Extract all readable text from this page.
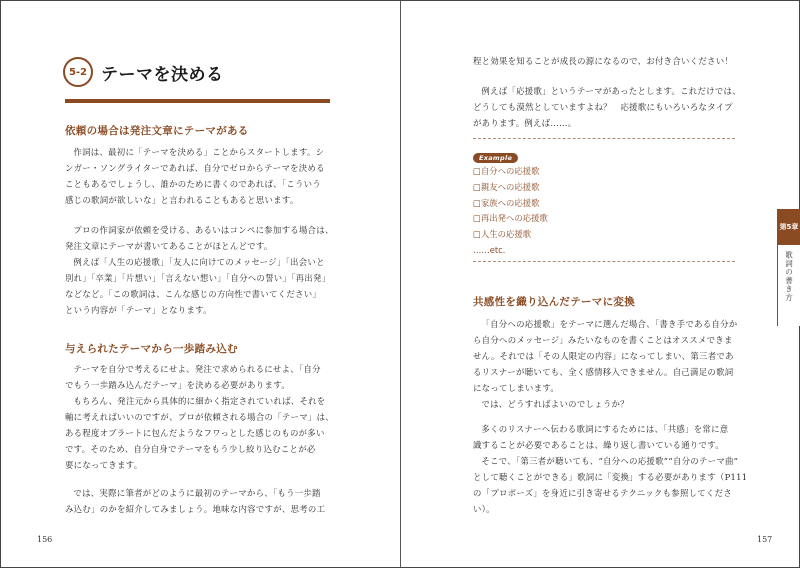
5-2 テーマを決める

依頼の場合は発注文章にテーマがある

作詞は、最初に「テーマを決める」ことからスタートします。シ

ンガー・ソングライターであれば、自分でゼロからテーマを決める

こともあるでしょうし、誰かのために書くのであれば、「こういう

感じの歌詞が欲しいな」と言われることもあると思います。

プロの作詞家が依頼を受ける、あるいはコンペに参加する場合は、

発注文章にテーマが書いてあることがほとんどです。

例えば「人生の応援歌」「友人に向けてのメッセージ」「出会いと

別れ」「卒業」「片想い」「言えない想い」「自分への誓い」「再出発」

などなど。「この歌詞は、こんな感じの方向性で書いてください」

という内容が「テーマ」となります。

与えられたテーマから一歩踏み込む

テーマを自分で考えるにせよ、発注で求められるにせよ、「自分

でもう一歩踏み込んだテーマ」を決める必要があります。

もちろん、発注元から具体的に細かく指定されていれば、それを

軸に考えればいいのですが、プロが依頼される場合の「テーマ」は、

ある程度オブラートに包んだようなフワっとした感じのものが多い

です。そのため、自分自身でテーマをもう少し絞り込むことが必

要になってきます。

では、実際に筆者がどのように最初のテーマから、「もう一歩踏

み込む」のかを紹介してみましょう。地味な内容ですが、思考の工

156

程と効果を知ることが成長の源になるので、お付き合いください！

例えば「応援歌」というテーマがあったとします。これだけでは、

どうしても漠然としていますよね？　応援歌にもいろいろなタイプ

があります。例えば……。

Example

□自分への応援歌

□親友への応援歌

□家族への応援歌

□再出発への応援歌

□人生の応援歌

……etc.

共感性を織り込んだテーマに変換

「自分への応援歌」をテーマに選んだ場合、「書き手である自分か

ら自分へのメッセージ」みたいなものを書くことはオススメできま

せん。それでは「その人限定の内容」になってしまい、第三者であ

るリスナーが聴いても、全く感情移入できません。自己満足の歌詞

になってしまいます。

では、どうすればよいのでしょうか？

多くのリスナーへ伝わる歌詞にするためには、「共感」を常に意

識することが必要であることは、繰り返し書いている通りです。

そこで、「第三者が聴いても、“自分への応援歌”“自分のテーマ曲”

として聴くことができる」歌詞に「変換」する必要があります（P111

の「プロポーズ」を身近に引き寄せるテクニックも参照してくださ

い）。

157
第5章
歌詞の書き方
